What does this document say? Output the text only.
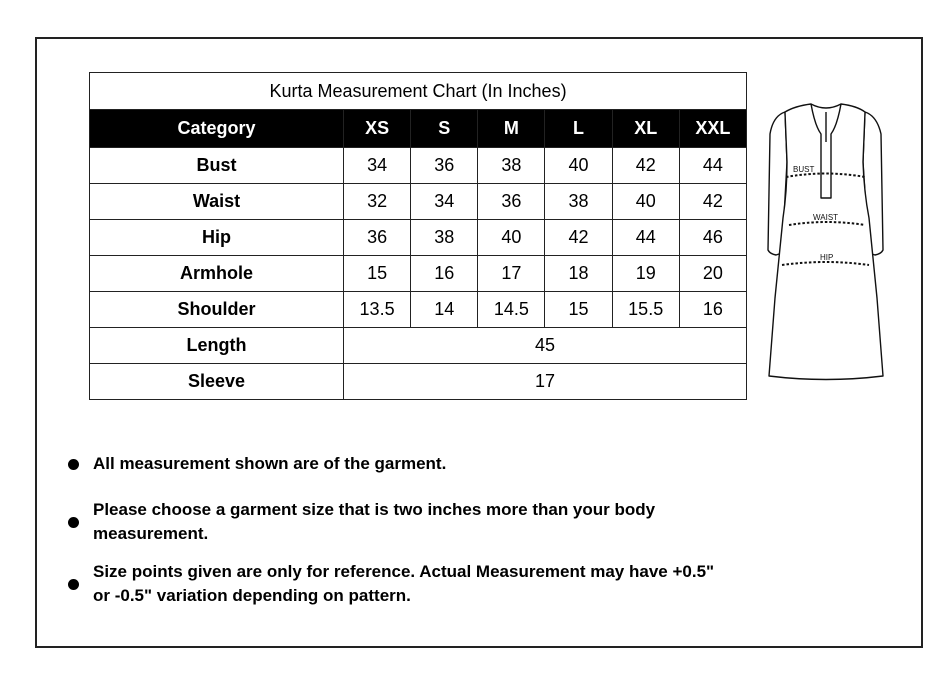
Kurta Measurement Chart (In Inches)						
Category	XS	S	M	L	XL	XXL
Bust	34	36	38	40	42	44
Waist	32	34	36	38	40	42
Hip	36	38	40	42	44	46
Armhole	15	16	17	18	19	20
Shoulder	13.5	14	14.5	15	15.5	16
Length	45					
Sleeve	17					
BUST
WAIST
HIP
All measurement shown are of the garment.
Please choose a garment size that is two inches more than your body measurement.
Size points given are only for reference. Actual Measurement may have +0.5" or -0.5" variation depending on pattern.
